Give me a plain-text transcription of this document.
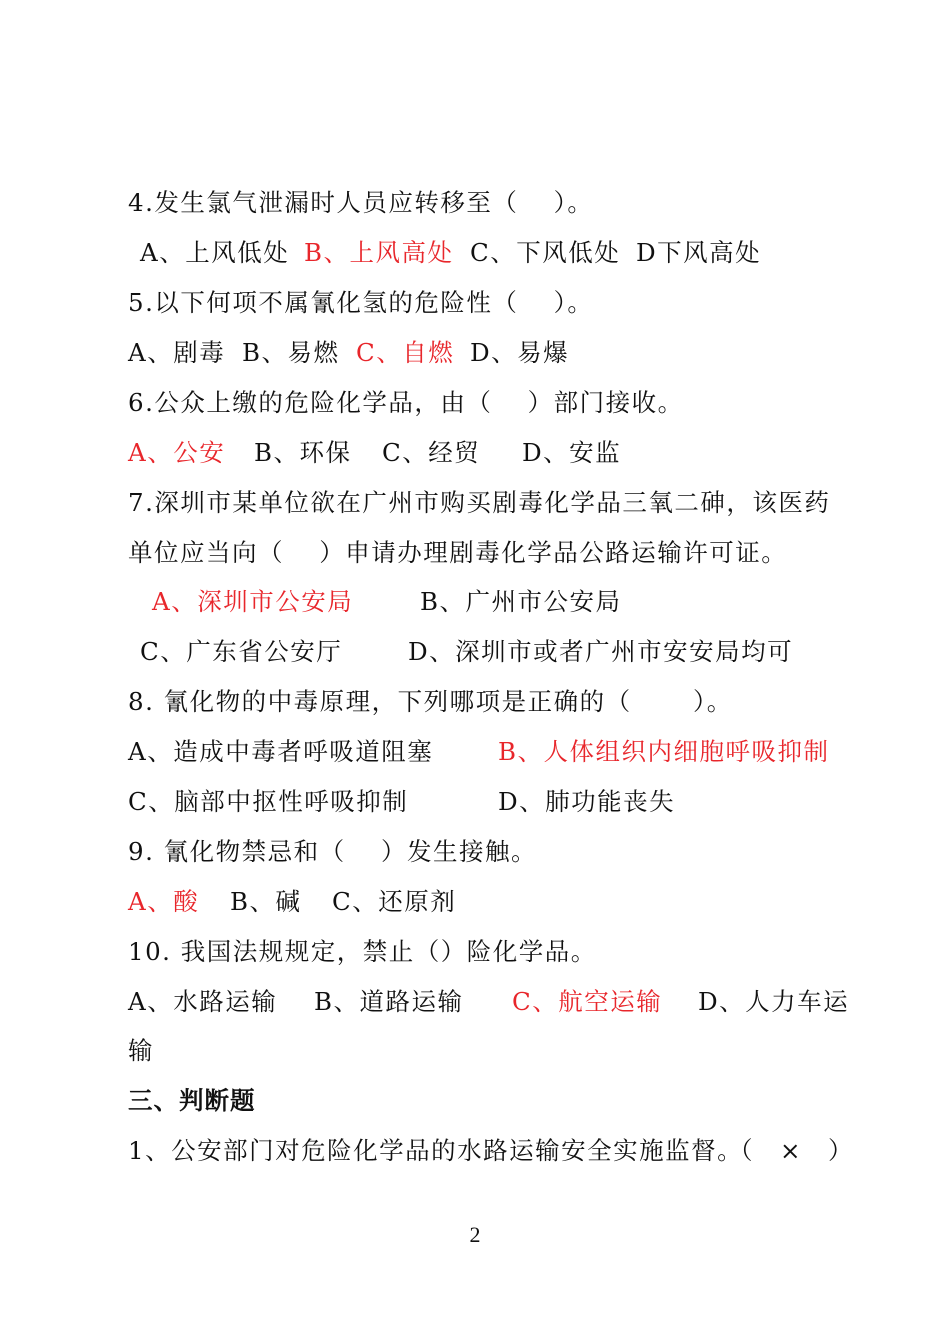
4.发生氯气泄漏时人员应转移至（　 ）。
A、上风低处 B、上风高处 C、下风低处 D下风高处
5.以下何项不属氰化氢的危险性（　 ）。
A、剧毒 B、易燃 C、自燃 D、易爆
6.公众上缴的危险化学品，由（　 ）部门接收。
A、公安 B、环保 C、经贸 D、安监
7.深圳市某单位欲在广州市购买剧毒化学品三氧二砷，该医药
单位应当向（　 ）申请办理剧毒化学品公路运输许可证。
A、深圳市公安局	B、广州市公安局
C、广东省公安厅	D、深圳市或者广州市安安局均可
8. 氰化物的中毒原理，下列哪项是正确的（　　 ）。
A、造成中毒者呼吸道阻塞	B、人体组织内细胞呼吸抑制
C、脑部中抠性呼吸抑制	D、肺功能丧失
9. 氰化物禁忌和（　 ）发生接触。
A、酸 B、碱 C、还原剂
10. 我国法规规定，禁止（）险化学品。
A、水路运输 B、道路运输 C、航空运输 D、人力车运
输
三、判断题
1、公安部门对危险化学品的水路运输安全实施监督。
（　×　）
2
